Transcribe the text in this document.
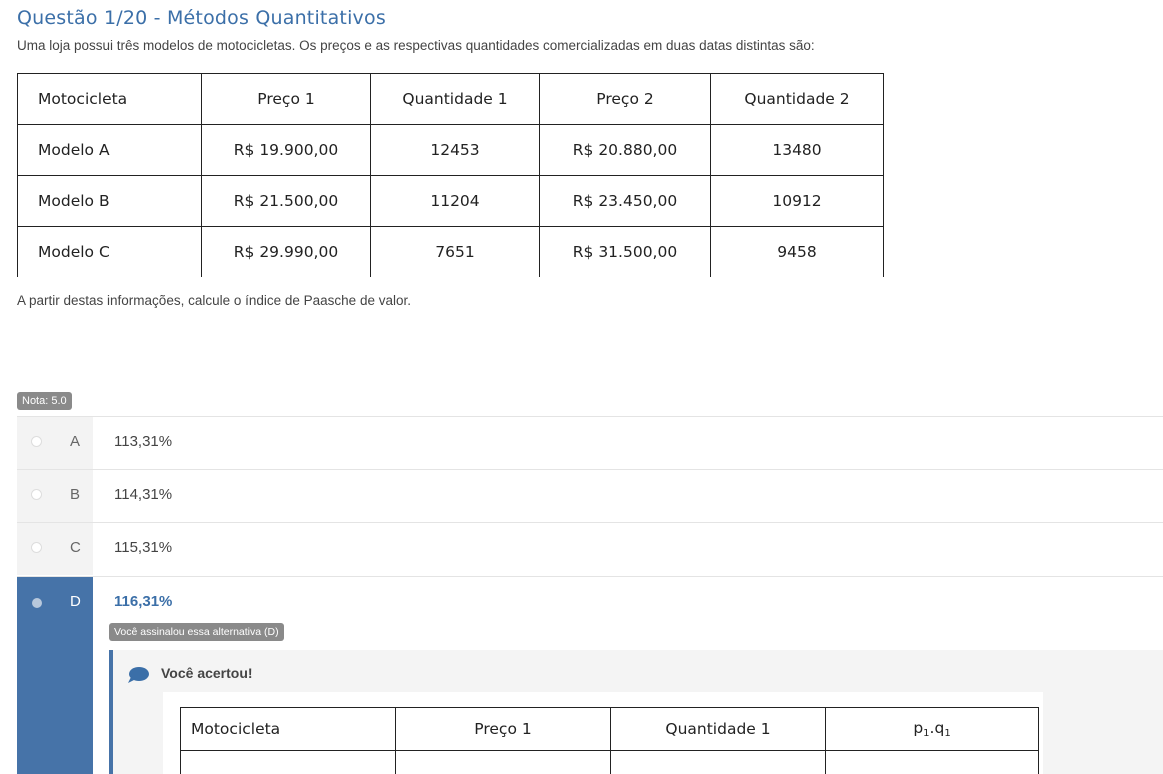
Questão 1/20 - Métodos Quantitativos
Uma loja possui três modelos de motocicletas. Os preços e as respectivas quantidades comercializadas em duas datas distintas são:
Motocicleta	Preço 1	Quantidade 1	Preço 2	Quantidade 2
Modelo A	R$ 19.900,00	12453	R$ 20.880,00	13480
Modelo B	R$ 21.500,00	11204	R$ 23.450,00	10912
Modelo C	R$ 29.990,00	7651	R$ 31.500,00	9458
A partir destas informações, calcule o índice de Paasche de valor.
Nota: 5.0
A 113,31%
B 114,31%
C 115,31%
D 116,31%
Você assinalou essa alternativa (D)
Você acertou!
Motocicleta	Preço 1	Quantidade 1	$p_1.q_1$
